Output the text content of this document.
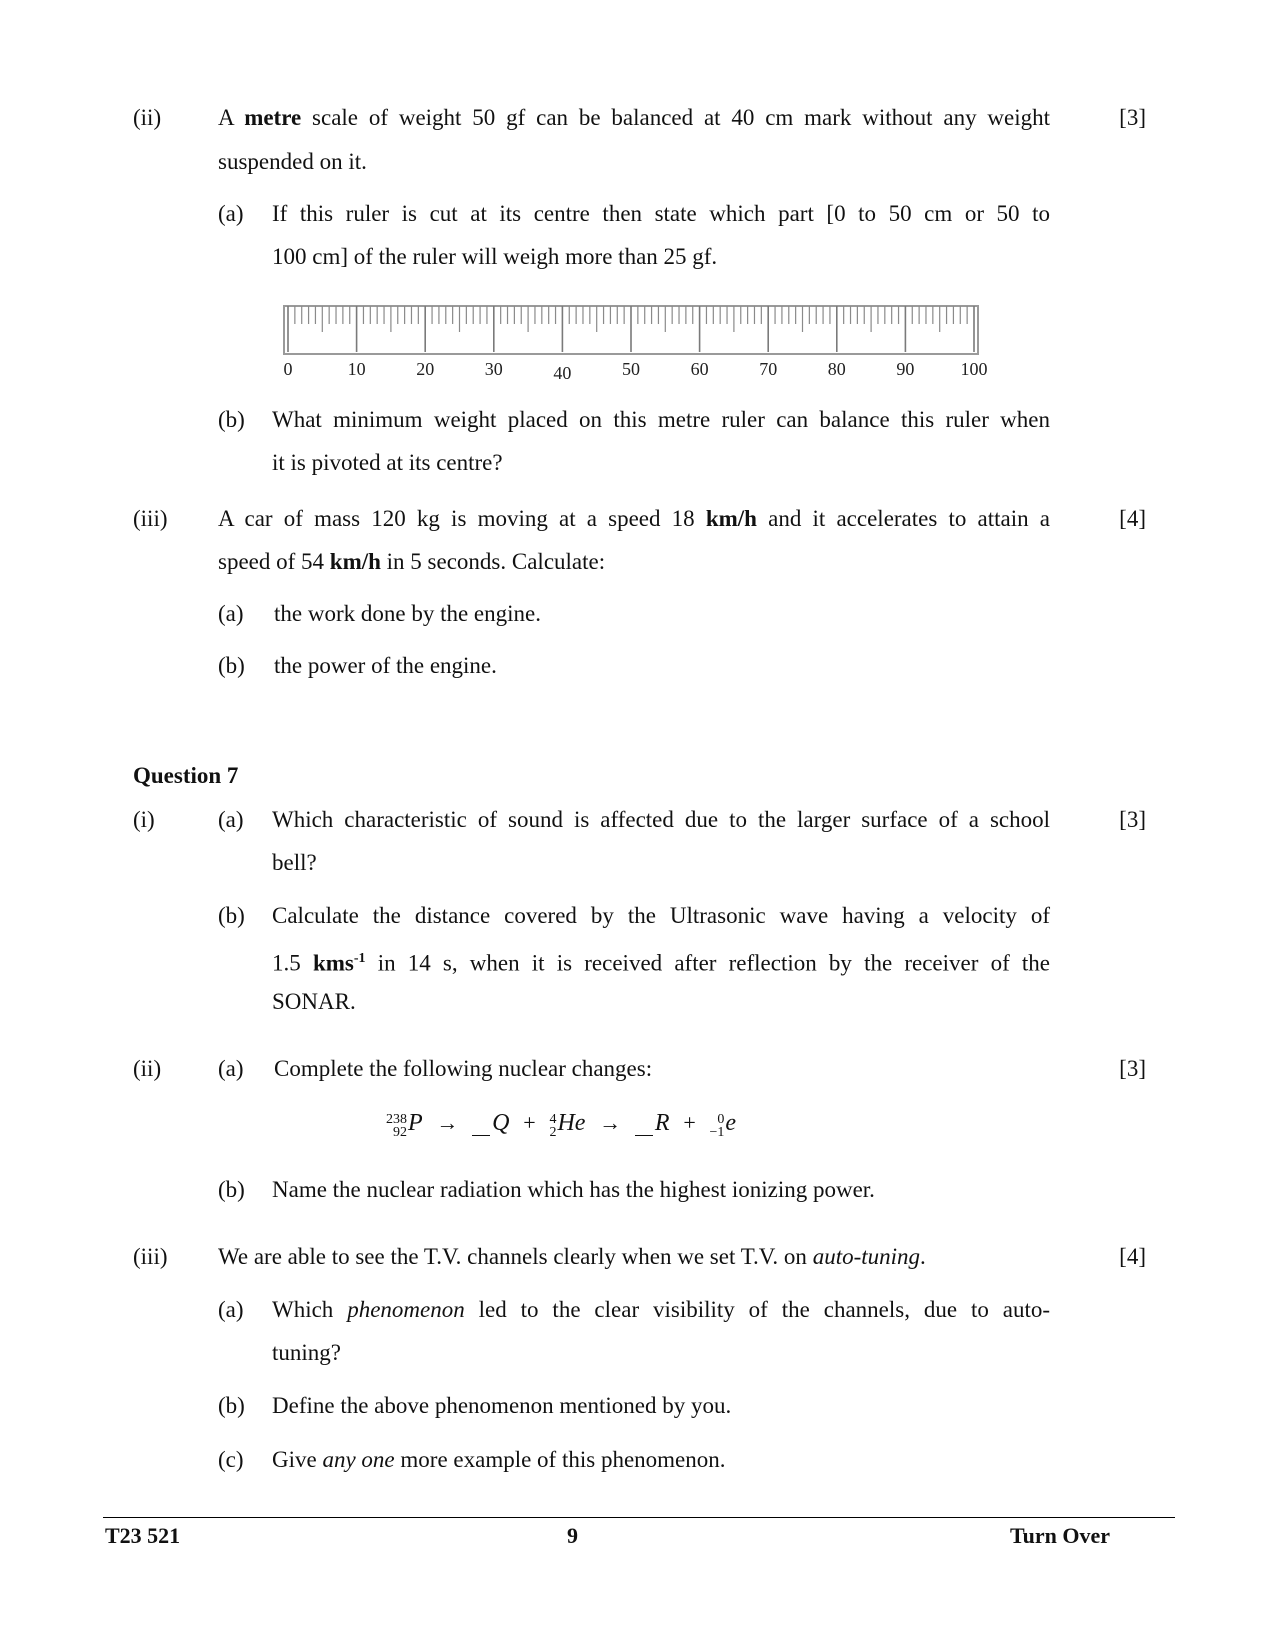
(ii) A metre scale of weight 50 gf can be balanced at 40 cm mark without any weight	[3]
suspended on it.
(a) If this ruler is cut at its centre then state which part [0 to 50 cm or 50 to
100 cm] of the ruler will weigh more than 25 gf.
0	10	20	30	40	50	60	70	80	90	100
(b) What minimum weight placed on this metre ruler can balance this ruler when
it is pivoted at its centre?
(iii) A car of mass 120 kg is moving at a speed 18 km/h and it accelerates to attain a	[4]
speed of 54 km/h in 5 seconds. Calculate:
(a) the work done by the engine.
(b) the power of the engine.
Question 7
(i)	(a) Which characteristic of sound is affected due to the larger surface of a school	[3]
bell?
(b) Calculate the distance covered by the Ultrasonic wave having a velocity of
1.5 kms$^{-1}$ in 14 s, when it is received after reflection by the receiver of the
SONAR.
(ii) (a) Complete the following nuclear changes:	[3]
238
92 P → Q + 4
2 He → R +	0
−1 e
(b) Name the nuclear radiation which has the highest ionizing power.
(iii) We are able to see the T.V. channels clearly when we set T.V. on auto-tuning.	[4]
(a) Which phenomenon led to the clear visibility of the channels, due to auto-
tuning?
(b) Define the above phenomenon mentioned by you.
(c) Give any one more example of this phenomenon.
T23 521	9	Turn Over
